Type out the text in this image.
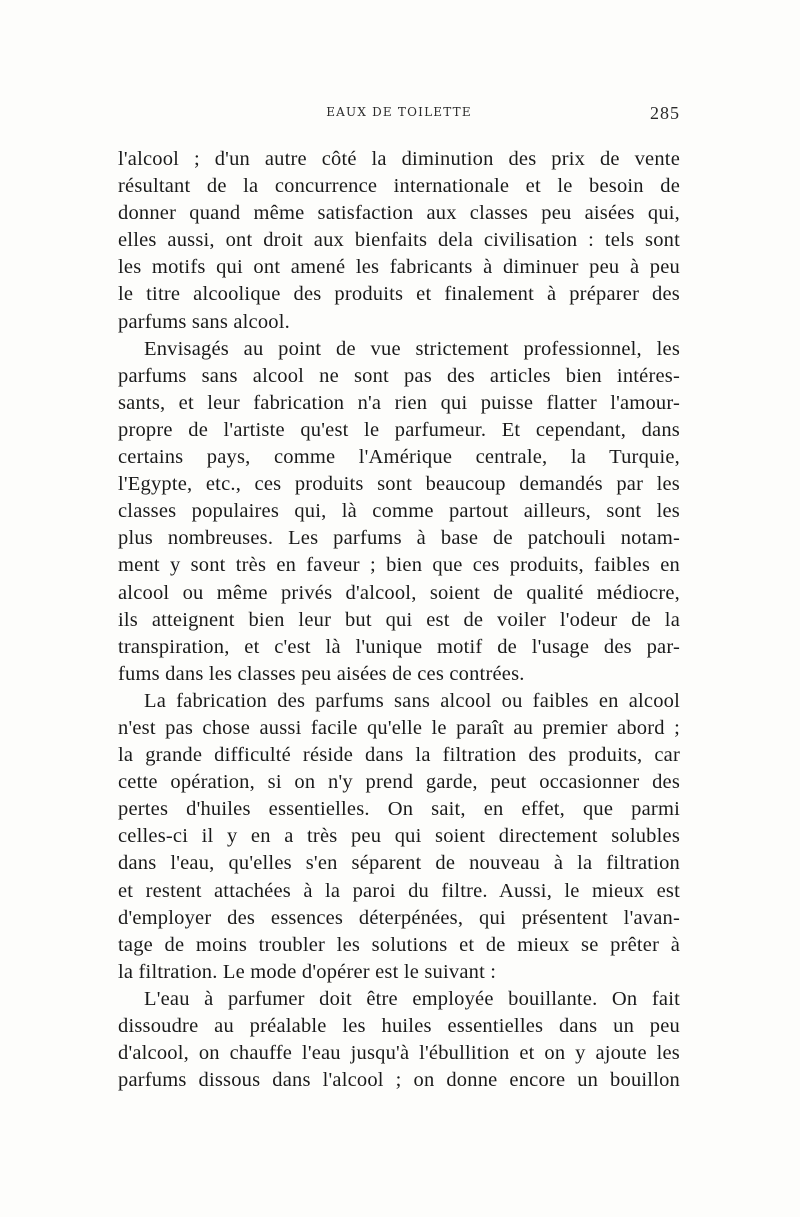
EAUX DE TOILETTE	285
l'alcool ; d'un autre côté la diminution des prix de vente
résultant de la concurrence internationale et le besoin de
donner quand même satisfaction aux classes peu aisées qui,
elles aussi, ont droit aux bienfaits dela civilisation : tels sont
les motifs qui ont amené les fabricants à diminuer peu à peu
le titre alcoolique des produits et finalement à préparer des
parfums sans alcool.
Envisagés au point de vue strictement professionnel, les
parfums sans alcool ne sont pas des articles bien intéres-
sants, et leur fabrication n'a rien qui puisse flatter l'amour-
propre de l'artiste qu'est le parfumeur. Et cependant, dans
certains pays, comme l'Amérique centrale, la Turquie,
l'Egypte, etc., ces produits sont beaucoup demandés par les
classes populaires qui, là comme partout ailleurs, sont les
plus nombreuses. Les parfums à base de patchouli notam-
ment y sont très en faveur ; bien que ces produits, faibles en
alcool ou même privés d'alcool, soient de qualité médiocre,
ils atteignent bien leur but qui est de voiler l'odeur de la
transpiration, et c'est là l'unique motif de l'usage des par-
fums dans les classes peu aisées de ces contrées.
La fabrication des parfums sans alcool ou faibles en alcool
n'est pas chose aussi facile qu'elle le paraît au premier abord ;
la grande difficulté réside dans la filtration des produits, car
cette opération, si on n'y prend garde, peut occasionner des
pertes d'huiles essentielles. On sait, en effet, que parmi
celles-ci il y en a très peu qui soient directement solubles
dans l'eau, qu'elles s'en séparent de nouveau à la filtration
et restent attachées à la paroi du filtre. Aussi, le mieux est
d'employer des essences déterpénées, qui présentent l'avan-
tage de moins troubler les solutions et de mieux se prêter à
la filtration. Le mode d'opérer est le suivant :
L'eau à parfumer doit être employée bouillante. On fait
dissoudre au préalable les huiles essentielles dans un peu
d'alcool, on chauffe l'eau jusqu'à l'ébullition et on y ajoute les
parfums dissous dans l'alcool ; on donne encore un bouillon
